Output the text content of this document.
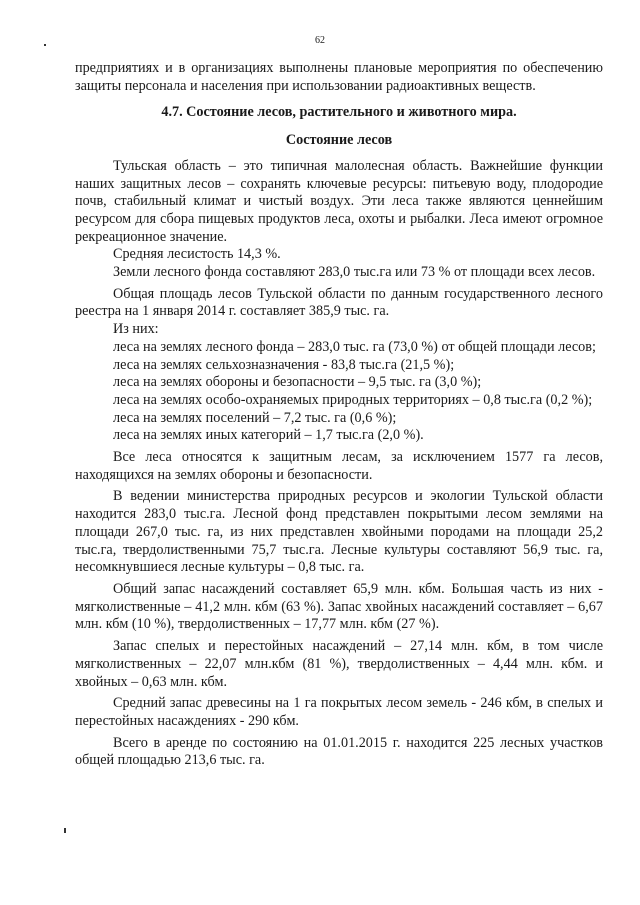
62

предприятиях и в организациях выполнены плановые мероприятия по обеспечению защиты персонала и населения при использовании радиоактивных веществ.

4.7. Состояние лесов, растительного и животного мира.

Состояние лесов

Тульская область – это типичная малолесная область. Важнейшие функции наших защитных лесов – сохранять ключевые ресурсы: питьевую воду, плодородие почв, стабильный климат и чистый воздух. Эти леса также являются ценнейшим ресурсом для сбора пищевых продуктов леса, охоты и рыбалки. Леса имеют огромное рекреационное значение.

Средняя лесистость 14,3 %.

Земли лесного фонда составляют 283,0 тыс.га или 73 % от площади всех лесов.

Общая площадь лесов Тульской области по данным государственного лесного реестра на 1 января 2014 г. составляет 385,9 тыс. га.

Из них:

леса на землях лесного фонда – 283,0 тыс. га (73,0 %) от общей площади лесов;

леса на землях сельхозназначения - 83,8 тыс.га (21,5 %);

леса на землях обороны и безопасности – 9,5 тыс. га (3,0 %);

леса на землях особо-охраняемых природных территориях – 0,8 тыс.га (0,2 %);

леса на землях поселений – 7,2 тыс. га (0,6 %);

леса на землях иных категорий – 1,7 тыс.га (2,0 %).

Все леса относятся к защитным лесам, за исключением 1577 га лесов, находящихся на землях обороны и безопасности.

В ведении министерства природных ресурсов и экологии Тульской области находится 283,0 тыс.га. Лесной фонд представлен покрытыми лесом землями на площади 267,0 тыс. га, из них представлен хвойными породами на площади 25,2 тыс.га, твердолиственными 75,7 тыс.га. Лесные культуры составляют 56,9 тыс. га, несомкнувшиеся лесные культуры – 0,8 тыс. га.

Общий запас насаждений составляет 65,9 млн. кбм. Большая часть из них - мягколиственные – 41,2 млн. кбм (63 %). Запас хвойных насаждений составляет – 6,67 млн. кбм (10 %), твердолиственных – 17,77 млн. кбм (27 %).

Запас спелых и перестойных насаждений – 27,14 млн. кбм, в том числе мягколиственных – 22,07 млн.кбм (81 %), твердолиственных – 4,44 млн. кбм. и хвойных – 0,63 млн. кбм.

Средний запас древесины на 1 га покрытых лесом земель - 246 кбм, в спелых и перестойных насаждениях - 290 кбм.

Всего в аренде по состоянию на 01.01.2015 г. находится 225 лесных участков общей площадью 213,6 тыс. га.
